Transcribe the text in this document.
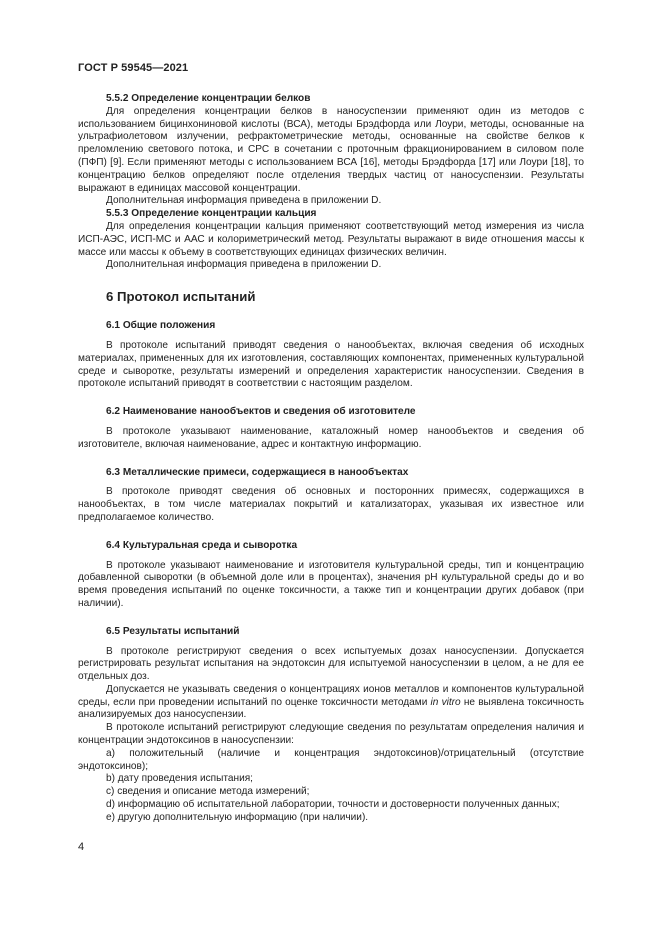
ГОСТ Р 59545—2021

5.5.2 Определение концентрации белков

Для определения концентрации белков в наносуспензии применяют один из методов с использованием бицинхониновой кислоты (ВСА), методы Брэдфорда или Лоури, методы, основанные на ультрафиолетовом излучении, рефрактометрические методы, основанные на свойстве белков к преломлению светового потока, и СРС в сочетании с проточным фракционированием в силовом поле (ПФП) [9]. Если применяют методы с использованием ВСА [16], методы Брэдфорда [17] или Лоури [18], то концентрацию белков определяют после отделения твердых частиц от наносуспензии. Результаты выражают в единицах массовой концентрации.

Дополнительная информация приведена в приложении D.

5.5.3 Определение концентрации кальция

Для определения концентрации кальция применяют соответствующий метод измерения из числа ИСП-АЭС, ИСП-МС и ААС и колориметрический метод. Результаты выражают в виде отношения массы к массе или массы к объему в соответствующих единицах физических величин.

Дополнительная информация приведена в приложении D.

6 Протокол испытаний

6.1 Общие положения

В протоколе испытаний приводят сведения о нанообъектах, включая сведения об исходных материалах, примененных для их изготовления, составляющих компонентах, примененных культуральной среде и сыворотке, результаты измерений и определения характеристик наносуспензии. Сведения в протоколе испытаний приводят в соответствии с настоящим разделом.

6.2 Наименование нанообъектов и сведения об изготовителе

В протоколе указывают наименование, каталожный номер нанообъектов и сведения об изготовителе, включая наименование, адрес и контактную информацию.

6.3 Металлические примеси, содержащиеся в нанообъектах

В протоколе приводят сведения об основных и посторонних примесях, содержащихся в нанообъектах, в том числе материалах покрытий и катализаторах, указывая их известное или предполагаемое количество.

6.4 Культуральная среда и сыворотка

В протоколе указывают наименование и изготовителя культуральной среды, тип и концентрацию добавленной сыворотки (в объемной доле или в процентах), значения pH культуральной среды до и во время проведения испытаний по оценке токсичности, а также тип и концентрации других добавок (при наличии).

6.5 Результаты испытаний

В протоколе регистрируют сведения о всех испытуемых дозах наносуспензии. Допускается регистрировать результат испытания на эндотоксин для испытуемой наносуспензии в целом, а не для ее отдельных доз.

Допускается не указывать сведения о концентрациях ионов металлов и компонентов культуральной среды, если при проведении испытаний по оценке токсичности методами in vitro не выявлена токсичность анализируемых доз наносуспензии.

В протоколе испытаний регистрируют следующие сведения по результатам определения наличия и концентрации эндотоксинов в наносуспензии:

a) положительный (наличие и концентрация эндотоксинов)/отрицательный (отсутствие эндотоксинов);

b) дату проведения испытания;

c) сведения и описание метода измерений;

d) информацию об испытательной лаборатории, точности и достоверности полученных данных;

e) другую дополнительную информацию (при наличии).

4
